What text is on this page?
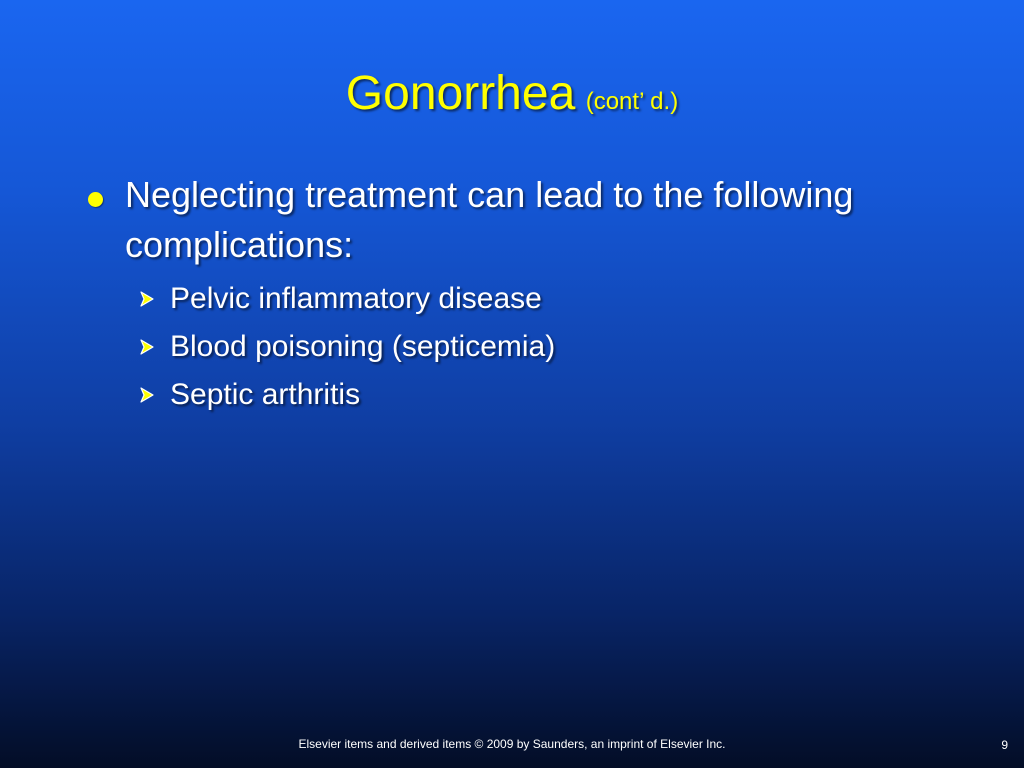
Gonorrhea (cont’ d.)
Neglecting treatment can lead to the following complications:
Pelvic inflammatory disease
Blood poisoning (septicemia)
Septic arthritis
Elsevier items and derived items © 2009 by Saunders, an imprint of Elsevier Inc.	9
